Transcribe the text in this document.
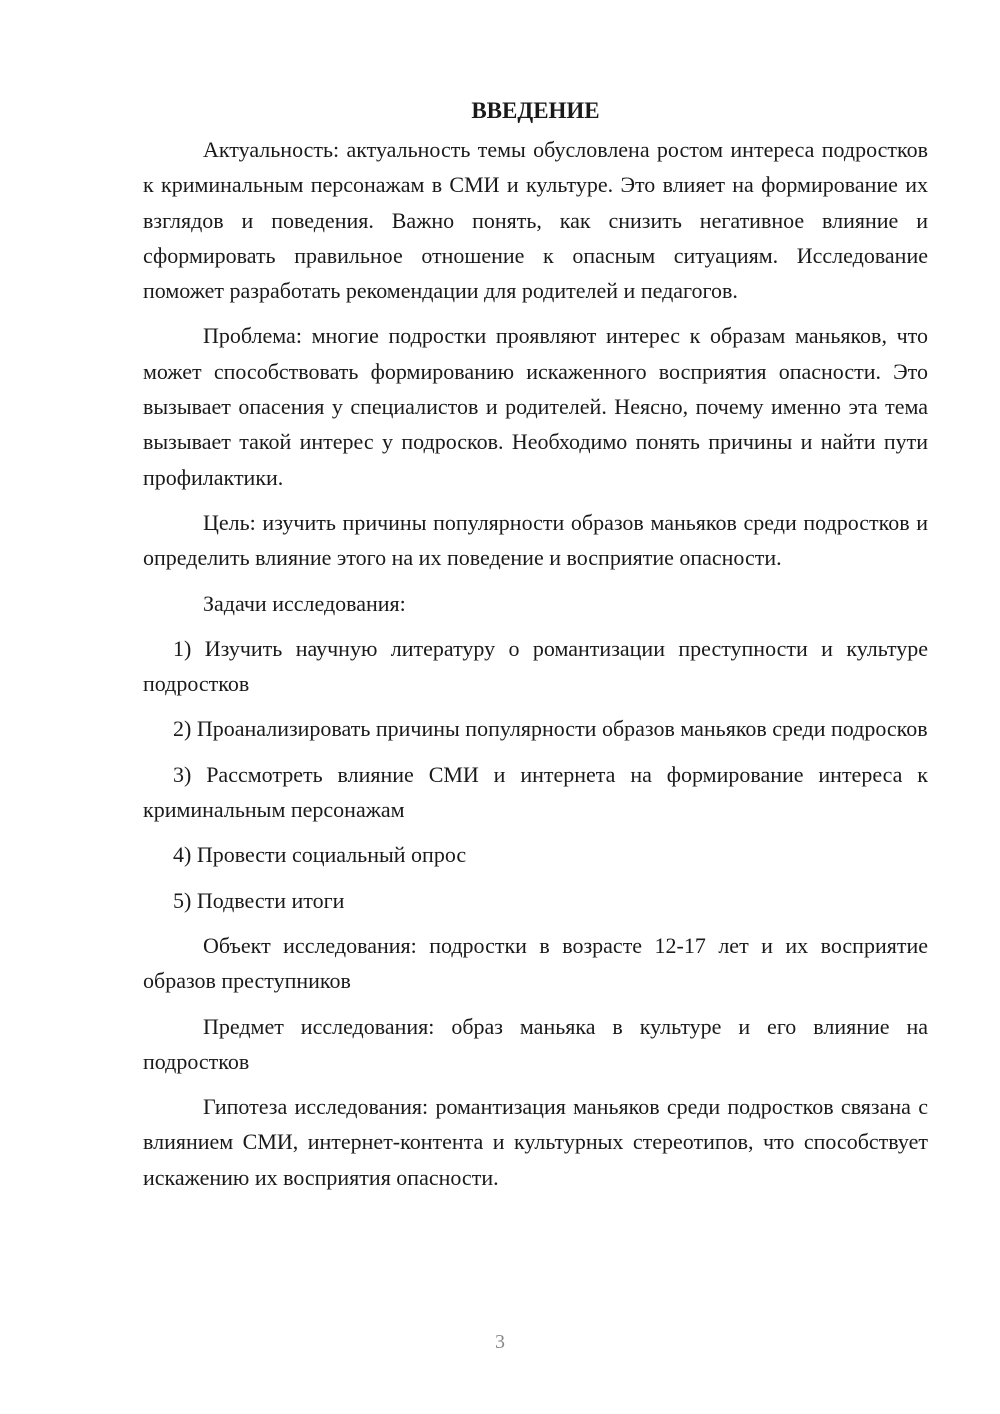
ВВЕДЕНИЕ

Актуальность: актуальность темы обусловлена ростом интереса подростков к криминальным персонажам в СМИ и культуре. Это влияет на формирование их взглядов и поведения. Важно понять, как снизить негативное влияние и сформировать правильное отношение к опасным ситуациям. Исследование поможет разработать рекомендации для родителей и педагогов.

Проблема: многие подростки проявляют интерес к образам маньяков, что может способствовать формированию искаженного восприятия опасности. Это вызывает опасения у специалистов и родителей. Неясно, почему именно эта тема вызывает такой интерес у подросков. Необходимо понять причины и найти пути профилактики.

Цель: изучить причины популярности образов маньяков среди подростков и определить влияние этого на их поведение и восприятие опасности.

Задачи исследования:

1) Изучить научную литературу о романтизации преступности и культуре подростков

2) Проанализировать причины популярности образов маньяков среди подросков

3) Рассмотреть влияние СМИ и интернета на формирование интереса к криминальным персонажам

4) Провести социальный опрос

5) Подвести итоги

Объект исследования: подростки в возрасте 12-17 лет и их восприятие образов преступников

Предмет исследования: образ маньяка в культуре и его влияние на подростков

Гипотеза исследования: романтизация маньяков среди подростков связана с влиянием СМИ, интернет-контента и культурных стереотипов, что способствует искажению их восприятия опасности.

3
